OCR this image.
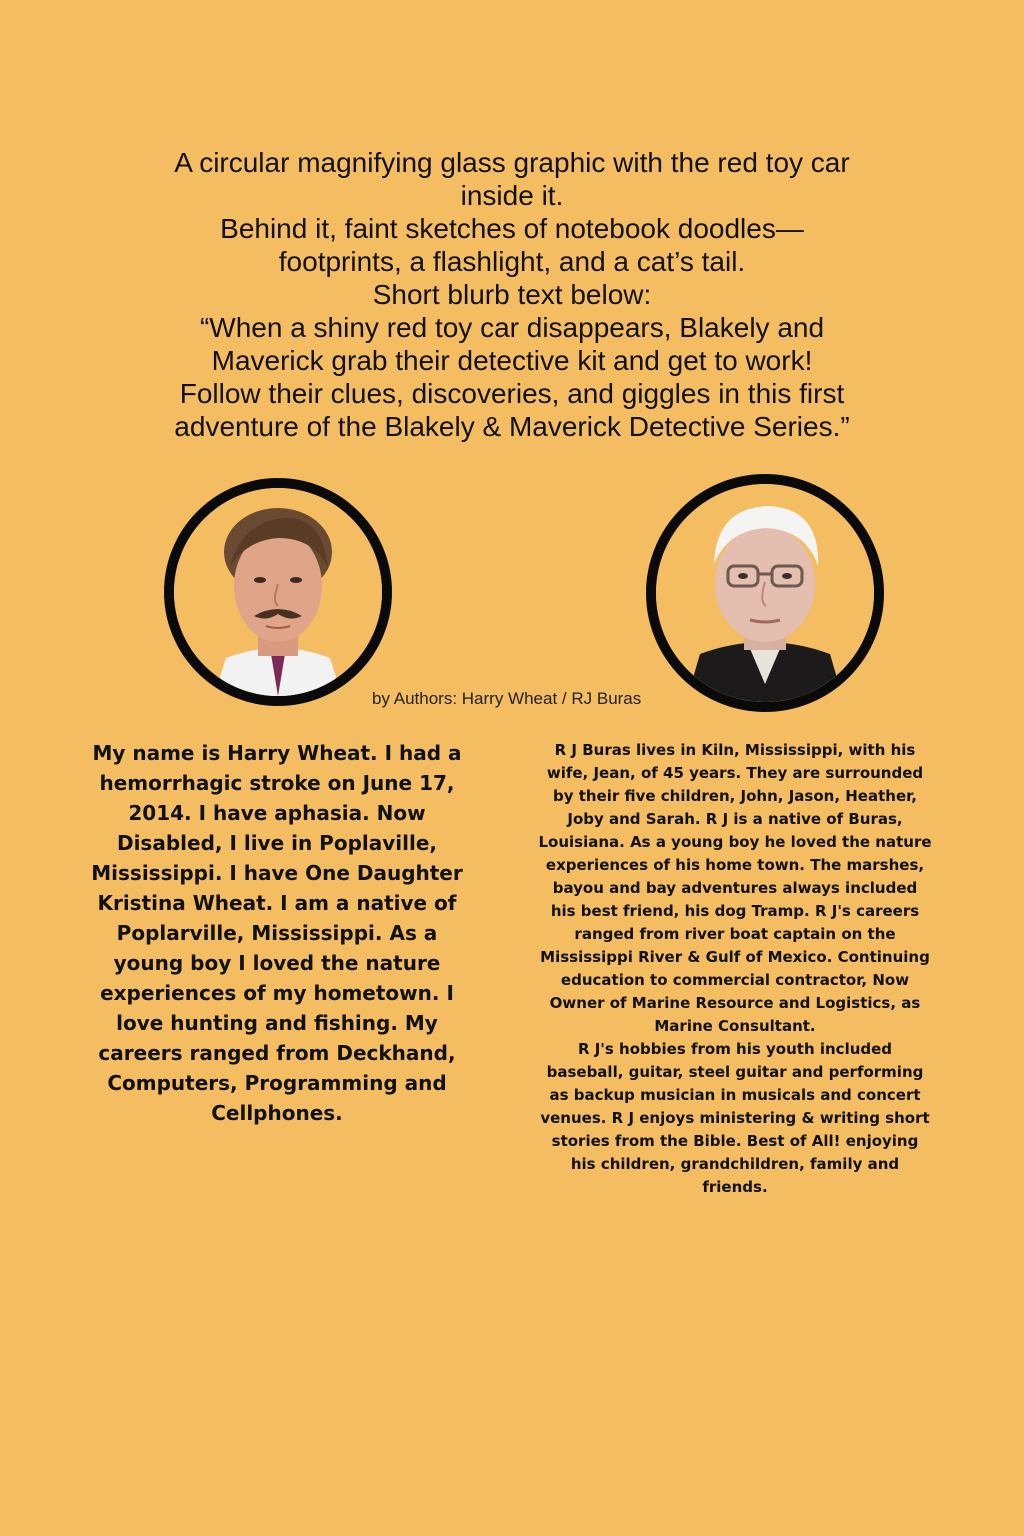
A circular magnifying glass graphic with the red toy car inside it.
Behind it, faint sketches of notebook doodles—footprints, a flashlight, and a cat’s tail.
Short blurb text below:
“When a shiny red toy car disappears, Blakely and Maverick grab their detective kit and get to work!
Follow their clues, discoveries, and giggles in this first adventure of the Blakely & Maverick Detective Series.”
by Authors: Harry Wheat / RJ Buras
My name is Harry Wheat. I had a hemorrhagic stroke on June 17, 2014. I have aphasia. Now Disabled, I live in Poplaville, Mississippi. I have One Daughter Kristina Wheat. I am a native of Poplarville, Mississippi. As a young boy I loved the nature experiences of my hometown. I love hunting and fishing. My careers ranged from Deckhand, Computers, Programming and Cellphones.
R J Buras lives in Kiln, Mississippi, with his wife, Jean, of 45 years. They are surrounded by their five children, John, Jason, Heather, Joby and Sarah. R J is a native of Buras, Louisiana. As a young boy he loved the nature experiences of his home town. The marshes, bayou and bay adventures always included his best friend, his dog Tramp. R J's careers ranged from river boat captain on the Mississippi River & Gulf of Mexico. Continuing education to commercial contractor, Now Owner of Marine Resource and Logistics, as Marine Consultant.
R J's hobbies from his youth included baseball, guitar, steel guitar and performing as backup musician in musicals and concert venues. R J enjoys ministering & writing short stories from the Bible. Best of All! enjoying his children, grandchildren, family and friends.
